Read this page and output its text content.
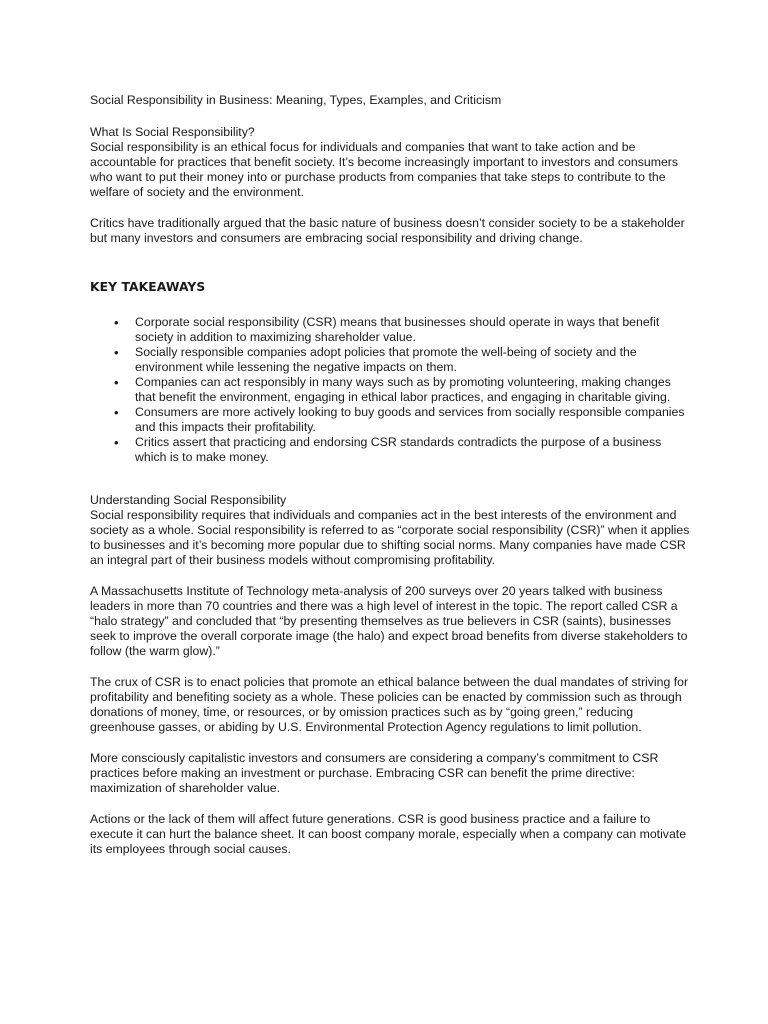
Social Responsibility in Business: Meaning, Types, Examples, and Criticism
What Is Social Responsibility?

Social responsibility is an ethical focus for individuals and companies that want to take action and be accountable for practices that benefit society. It’s become increasingly important to investors and consumers who want to put their money into or purchase products from companies that take steps to contribute to the welfare of society and the environment.

Critics have traditionally argued that the basic nature of business doesn’t consider society to be a stakeholder but many investors and consumers are embracing social responsibility and driving change.

KEY TAKEAWAYS
• Corporate social responsibility (CSR) means that businesses should operate in ways that benefit society in addition to maximizing shareholder value.
• Socially responsible companies adopt policies that promote the well-being of society and the environment while lessening the negative impacts on them.
• Companies can act responsibly in many ways such as by promoting volunteering, making changes that benefit the environment, engaging in ethical labor practices, and engaging in charitable giving.
• Consumers are more actively looking to buy goods and services from socially responsible companies and this impacts their profitability.
• Critics assert that practicing and endorsing CSR standards contradicts the purpose of a business which is to make money.
Understanding Social Responsibility

Social responsibility requires that individuals and companies act in the best interests of the environment and society as a whole. Social responsibility is referred to as “corporate social responsibility (CSR)” when it applies to businesses and it’s becoming more popular due to shifting social norms. Many companies have made CSR an integral part of their business models without compromising profitability.

A Massachusetts Institute of Technology meta-analysis of 200 surveys over 20 years talked with business leaders in more than 70 countries and there was a high level of interest in the topic. The report called CSR a “halo strategy” and concluded that “by presenting themselves as true believers in CSR (saints), businesses seek to improve the overall corporate image (the halo) and expect broad benefits from diverse stakeholders to follow (the warm glow).”

The crux of CSR is to enact policies that promote an ethical balance between the dual mandates of striving for profitability and benefiting society as a whole. These policies can be enacted by commission such as through donations of money, time, or resources, or by omission practices such as by “going green,” reducing greenhouse gasses, or abiding by U.S. Environmental Protection Agency regulations to limit pollution.

More consciously capitalistic investors and consumers are considering a company’s commitment to CSR practices before making an investment or purchase. Embracing CSR can benefit the prime directive: maximization of shareholder value.

Actions or the lack of them will affect future generations. CSR is good business practice and a failure to execute it can hurt the balance sheet. It can boost company morale, especially when a company can motivate its employees through social causes.
